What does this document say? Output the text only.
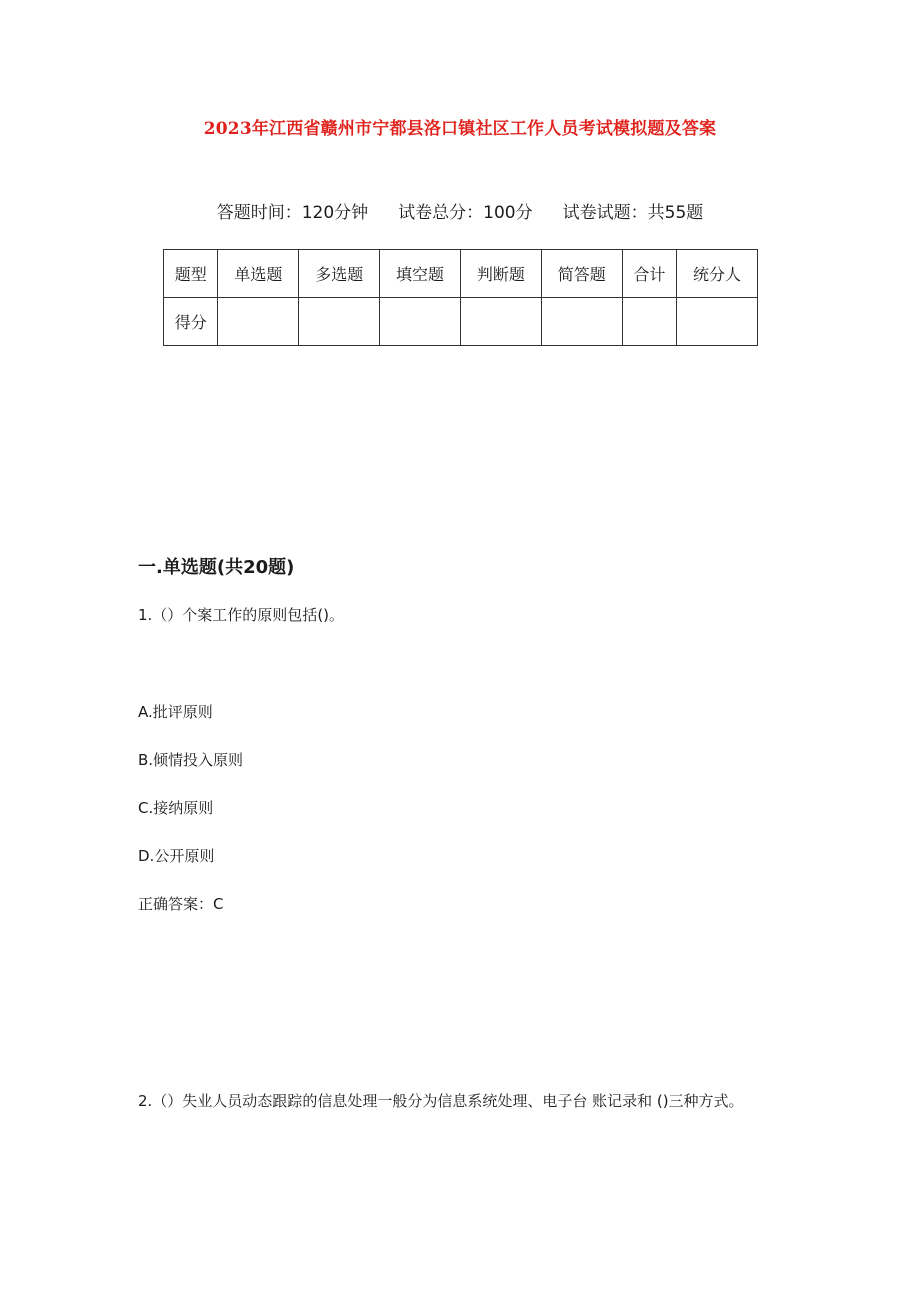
2023年江西省赣州市宁都县洛口镇社区工作人员考试模拟题及答案
答题时间：120分钟 试卷总分：100分 试卷试题：共55题
题型	单选题	多选题	填空题	判断题	简答题	合计	统分人
得分							
一.单选题(共20题)
1.（）个案工作的原则包括()。
A.批评原则
B.倾情投入原则
C.接纳原则
D.公开原则
正确答案：C
2.（）失业人员动态跟踪的信息处理一般分为信息系统处理、电子台 账记录和 ()三种方式。
